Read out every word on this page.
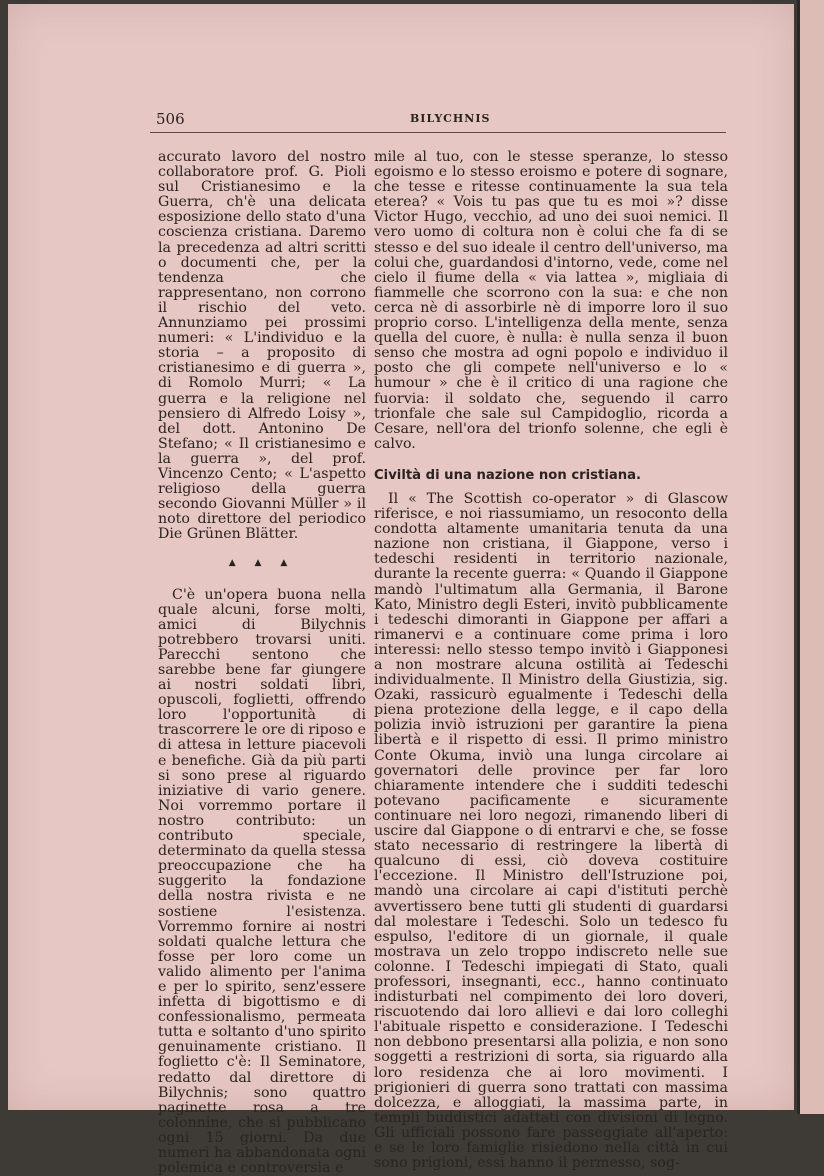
506	BILYCHNIS

accurato lavoro del nostro collaboratore prof. G. Pioli sul Cristianesimo e la Guerra, ch'è una delicata esposizione dello stato d'una coscienza cristiana. Daremo la precedenza ad altri scritti o documenti che, per la tendenza che rappresentano, non corrono il rischio del veto. Annunziamo pei prossimi numeri: « L'individuo e la storia – a proposito di cristianesimo e di guerra », di Romolo Murri; « La guerra e la religione nel pensiero di Alfredo Loisy », del dott. Antonino De Stefano; « Il cristianesimo e la guerra », del prof. Vincenzo Cento; « L'aspetto religioso della guerra secondo Giovanni Müller » il noto direttore del periodico Die Grünen Blätter.

▲ ▲ ▲

C'è un'opera buona nella quale alcuni, forse molti, amici di Bilychnis potrebbero trovarsi uniti. Parecchi sentono che sarebbe bene far giungere ai nostri soldati libri, opuscoli, foglietti, offrendo loro l'opportunità di trascorrere le ore di riposo e di attesa in letture piacevoli e benefiche. Già da più parti si sono prese al riguardo iniziative di vario genere. Noi vorremmo portare il nostro contributo: un contributo speciale, determinato da quella stessa preoccupazione che ha suggerito la fondazione della nostra rivista e ne sostiene l'esistenza. Vorremmo fornire ai nostri soldati qualche lettura che fosse per loro come un valido alimento per l'anima e per lo spirito, senz'essere infetta di bigottismo e di confessionalismo, permeata tutta e soltanto d'uno spirito genuinamente cristiano. Il foglietto c'è: Il Seminatore, redatto dal direttore di Bilychnis; sono quattro paginette rosa a tre colonnine, che si pubblicano ogni 15 giorni. Da due numeri ha abbandonata ogni polemica e controversia e

mile al tuo, con le stesse speranze, lo stesso egoismo e lo stesso eroismo e potere di sognare, che tesse e ritesse continuamente la sua tela eterea? « Vois tu pas que tu es moi »? disse Victor Hugo, vecchio, ad uno dei suoi nemici. Il vero uomo di coltura non è colui che fa di se stesso e del suo ideale il centro dell'universo, ma colui che, guardandosi d'intorno, vede, come nel cielo il fiume della « via lattea », migliaia di fiammelle che scorrono con la sua: e che non cerca nè di assorbirle nè di imporre loro il suo proprio corso. L'intelligenza della mente, senza quella del cuore, è nulla: è nulla senza il buon senso che mostra ad ogni popolo e individuo il posto che gli compete nell'universo e lo « humour » che è il critico di una ragione che fuorvia: il soldato che, seguendo il carro trionfale che sale sul Campidoglio, ricorda a Cesare, nell'ora del trionfo solenne, che egli è calvo.

Civiltà di una nazione non cristiana.

Il « The Scottish co-operator » di Glascow riferisce, e noi riassumiamo, un resoconto della condotta altamente umanitaria tenuta da una nazione non cristiana, il Giappone, verso i tedeschi residenti in territorio nazionale, durante la recente guerra: « Quando il Giappone mandò l'ultimatum alla Germania, il Barone Kato, Ministro degli Esteri, invitò pubblicamente i tedeschi dimoranti in Giappone per affari a rimanervi e a continuare come prima i loro interessi: nello stesso tempo invitò i Giapponesi a non mostrare alcuna ostilità ai Tedeschi individualmente. Il Ministro della Giustizia, sig. Ozaki, rassicurò egualmente i Tedeschi della piena protezione della legge, e il capo della polizia inviò istruzioni per garantire la piena libertà e il rispetto di essi. Il primo ministro Conte Okuma, inviò una lunga circolare ai governatori delle province per far loro chiaramente intendere che i sudditi tedeschi potevano pacificamente e sicuramente continuare nei loro negozi, rimanendo liberi di uscire dal Giappone o di entrarvi e che, se fosse stato necessario di restringere la libertà di qualcuno di essi, ciò doveva costituire l'eccezione. Il Ministro dell'Istruzione poi, mandò una circolare ai capi d'istituti perchè avvertissero bene tutti gli studenti di guardarsi dal molestare i Tedeschi. Solo un tedesco fu espulso, l'editore di un giornale, il quale mostrava un zelo troppo indiscreto nelle sue colonne. I Tedeschi impiegati di Stato, quali professori, insegnanti, ecc., hanno continuato indisturbati nel compimento dei loro doveri, riscuotendo dai loro allievi e dai loro colleghi l'abituale rispetto e considerazione. I Tedeschi non debbono presentarsi alla polizia, e non sono soggetti a restrizioni di sorta, sia riguardo alla loro residenza che ai loro movimenti. I prigionieri di guerra sono trattati con massima dolcezza, e alloggiati, la massima parte, in templi buddistici adattati con divisioni di legno. Gli ufficiali possono fare passeggiate all'aperto: e se le loro famiglie risiedono nella città in cui sono prigioni, essi hanno il permesso, sog-
